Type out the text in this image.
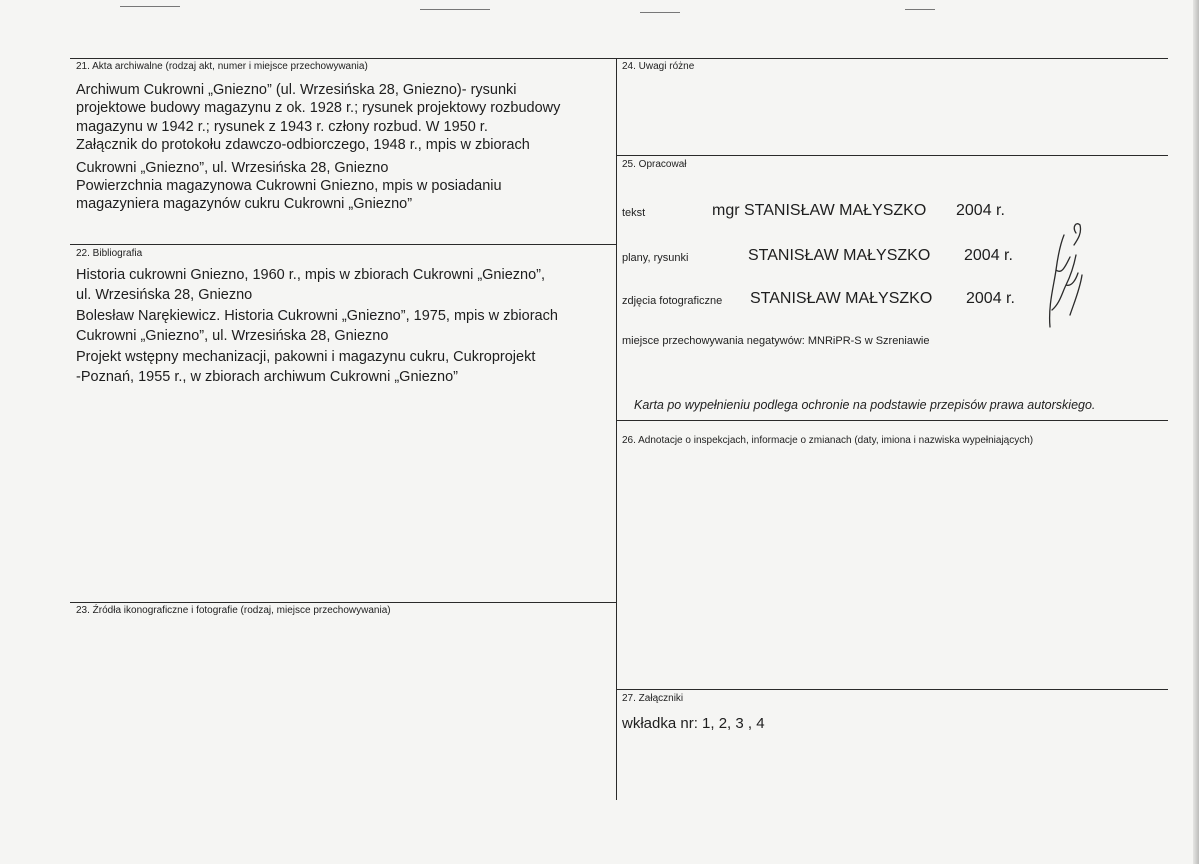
21. Akta archiwalne (rodzaj akt, numer i miejsce przechowywania)
Archiwum Cukrowni „Gniezno” (ul. Wrzesińska 28, Gniezno)- rysunki
projektowe budowy magazynu z ok. 1928 r.; rysunek projektowy rozbudowy
magazynu w 1942 r.; rysunek z 1943 r. człony rozbud. W 1950 r.
Załącznik do protokołu zdawczo-odbiorczego, 1948 r., mpis w zbiorach
Cukrowni „Gniezno”, ul. Wrzesińska 28, Gniezno
Powierzchnia magazynowa Cukrowni Gniezno, mpis w posiadaniu
magazyniera magazynów cukru Cukrowni „Gniezno”
22. Bibliografia
Historia cukrowni Gniezno, 1960 r., mpis w zbiorach Cukrowni „Gniezno”,
ul. Wrzesińska 28, Gniezno
Bolesław Narękiewicz. Historia Cukrowni „Gniezno”, 1975, mpis w zbiorach
Cukrowni „Gniezno”, ul. Wrzesińska 28, Gniezno
Projekt wstępny mechanizacji, pakowni i magazynu cukru, Cukroprojekt
-Poznań, 1955 r., w zbiorach archiwum Cukrowni „Gniezno”
23. Źródła ikonograficzne i fotografie (rodzaj, miejsce przechowywania)
24. Uwagi różne
25. Opracował
tekst	mgr STANISŁAW MAŁYSZKO 2004 r.
plany, rysunki	STANISŁAW MAŁYSZKO 2004 r.
zdjęcia fotograficzne STANISŁAW MAŁYSZKO 2004 r.
miejsce przechowywania negatywów: MNRiPR-S w Szreniawie
Karta po wypełnieniu podlega ochronie na podstawie przepisów prawa autorskiego.
26. Adnotacje o inspekcjach, informacje o zmianach (daty, imiona i nazwiska wypełniających)
27. Załączniki
wkładka nr: 1, 2, 3 , 4
